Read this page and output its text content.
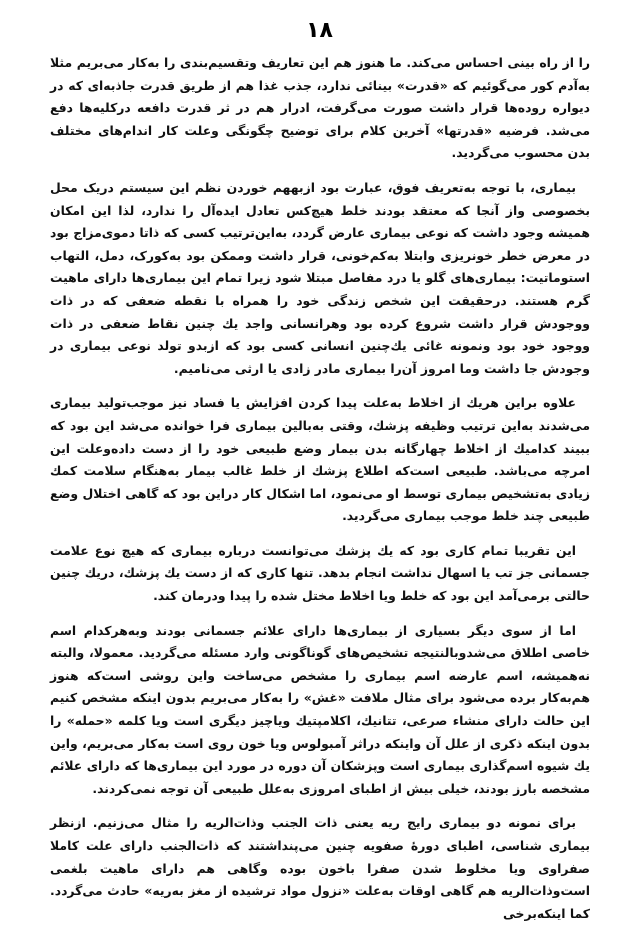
۱۸

را از راه بینی احساس می‌کند. ما هنوز هم این تعاریف وتقسیم‌بندی را به‌کار می‌بریم مثلا به‌آدم کور می‌گوئیم که «قدرت» بینائی ندارد، جذب غذا هم از طریق قدرت جاذبه‌ای که در دیواره روده‌ها قرار داشت صورت می‌گرفت، ادرار هم در ثر قدرت دافعه درکلیه‌ها دفع می‌شد. فرضیه «قدرتها» آخرین کلام برای توضیح چگونگی وعلت کار اندام‌های مختلف بدن محسوب می‌گردید.

بیماری، با توجه به‌تعریف فوق، عبارت بود ازبههم خوردن نظم این سیستم دریک محل بخصوصی واز آنجا که معتقد بودند خلط هیچ‌کس تعادل ایده‌آل را ندارد، لذا این امکان همیشه وجود داشت که نوعی بیماری عارض گردد، به‌این‌ترتیب کسی که ذاتا دموی‌مزاج بود در معرض خطر خونریزی وابتلا به‌کم‌خونی، قرار داشت وممکن بود به‌کورک، دمل، التهاب استوماتیت: بیماری‌های گلو یا درد مفاصل مبتلا شود زیرا تمام این بیماری‌ها دارای ماهیت گرم هستند. درحقیقت این شخص زندگی خود را همراه با نقطه ضعفی که در ذات ووجودش قرار داشت شروع کرده بود وهرانسانی واجد یك چنین نقاط ضعفی در ذات ووجود خود بود ونمونه غائی یك‌چنین انسانی کسی بود که ازبدو تولد نوعی بیماری در وجودش جا داشت وما امروز آن‌را بیماری مادر زادی یا ارثی می‌نامیم.

علاوه براین هریك از اخلاط به‌علت پیدا کردن افزایش یا فساد نیز موجب‌تولید بیماری می‌شدند به‌این ترتیب وظیفه پزشك، وقتی به‌بالین بیماری فرا خوانده می‌شد این بود که ببیند کدامیك از اخلاط چهارگانه بدن بیمار وضع طبیعی خود را از دست داده‌وعلت این امرچه می‌باشد. طبیعی است‌که اطلاع پزشك از خلط غالب بیمار به‌هنگام سلامت کمك زیادی به‌تشخیص بیماری توسط او می‌نمود، اما اشکال کار دراین بود که گاهی اختلال وضع طبیعی چند خلط موجب بیماری می‌گردید.

این تقریبا تمام کاری بود که یك پزشك می‌توانست درباره بیماری که هیچ نوع علامت جسمانی جز تب یا اسهال نداشت انجام بدهد. تنها کاری که از دست یك پزشك، دریك چنین حالتی برمی‌آمد این بود که خلط ویا اخلاط مختل شده را پیدا ودرمان کند.

اما از سوی دیگر بسیاری از بیماری‌ها دارای علائم جسمانی بودند وبه‌هرکدام اسم خاصی اطلاق می‌شدوبالنتیجه تشخیص‌های گوناگونی وارد مسئله می‌گردید. معمولا، والبته نه‌همیشه، اسم عارضه اسم بیماری را مشخص می‌ساخت واین روشی است‌که هنوز هم‌به‌کار برده می‌شود برای مثال ملافت «غش» را به‌کار می‌بریم بدون اینکه مشخص کنیم این حالت دارای منشاء صرعی، تتانیك، اکلامپتیك ویاچیز دیگری است ویا کلمه «حمله» را بدون اینکه ذکری از علل آن واینکه دراثر آمبولوس ویا خون روی است به‌کار می‌بریم، واین یك شیوه اسم‌گذاری بیماری است وپزشکان آن دوره در مورد این بیماری‌ها که دارای علائم مشخصه بارز بودند، خیلی بیش از اطبای امروزی به‌علل طبیعی آن توجه نمی‌کردند.

برای نمونه دو بیماری رایج ریه یعنی ذات الجنب وذات‌الریه را مثال می‌زنیم. ازنظر بیماری شناسی، اطبای دورهٔ صفویه چنین می‌پنداشتند که ذات‌الجنب دارای علت کاملا صفراوی ویا مخلوط شدن صفرا باخون بوده وگاهی هم دارای ماهیت بلغمی است‌وذات‌الریه هم گاهی اوقات به‌علت «نزول مواد ترشیده از مغز به‌ریه» حادث می‌گردد. کما اینکه‌برخی
